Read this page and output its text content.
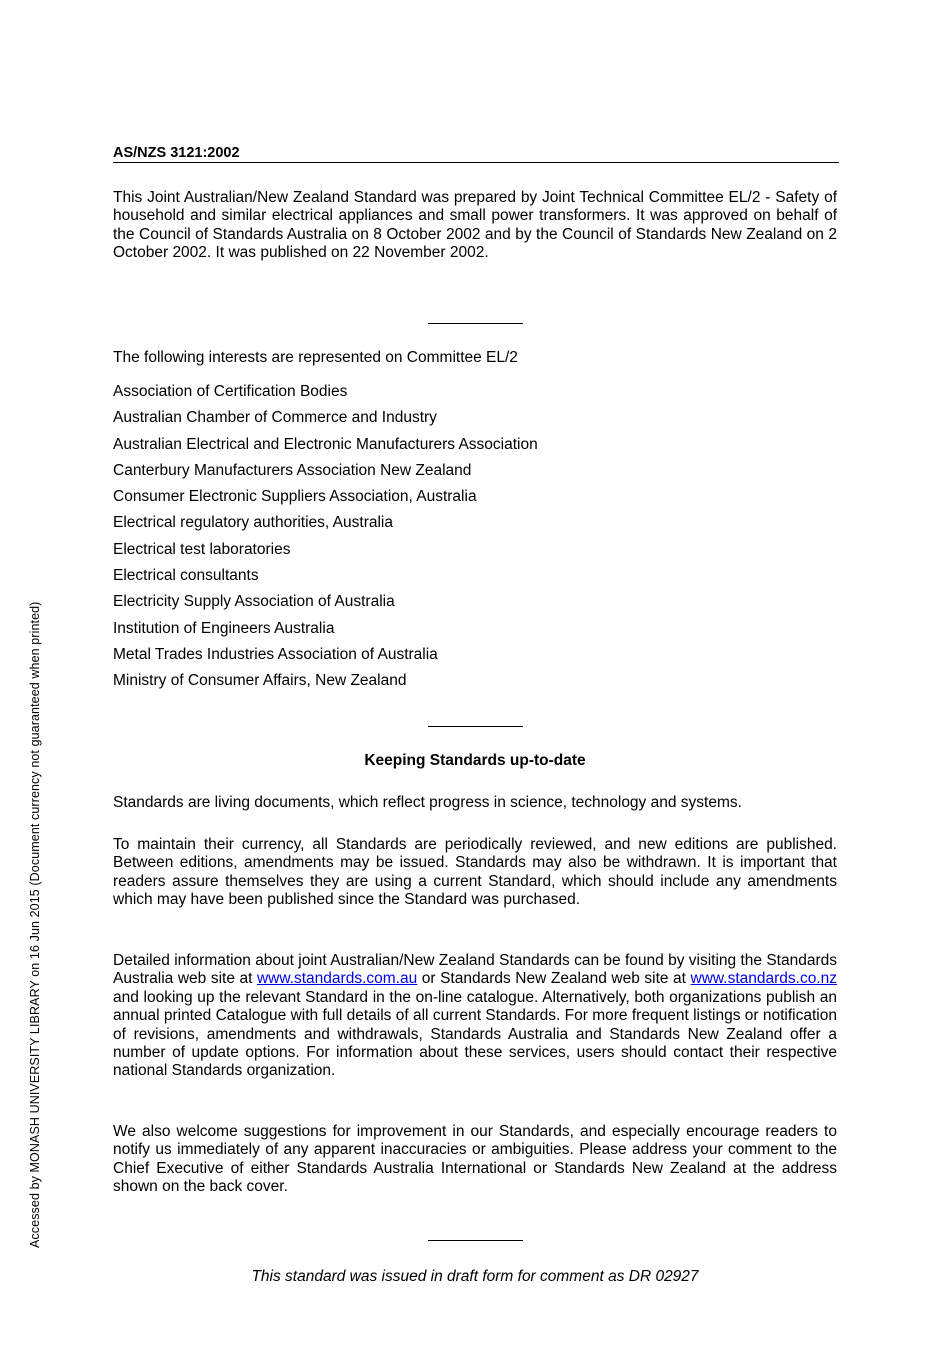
Accessed by MONASH UNIVERSITY LIBRARY on 16 Jun 2015 (Document currency not guaranteed when printed)
AS/NZS 3121:2002
This Joint Australian/New Zealand Standard was prepared by Joint Technical Committee EL/2 - Safety of household and similar electrical appliances and small power transformers. It was approved on behalf of the Council of Standards Australia on 8 October 2002 and by the Council of Standards New Zealand on 2 October 2002. It was published on 22 November 2002.
The following interests are represented on Committee EL/2
Association of Certification Bodies
Australian Chamber of Commerce and Industry
Australian Electrical and Electronic Manufacturers Association
Canterbury Manufacturers Association New Zealand
Consumer Electronic Suppliers Association, Australia
Electrical regulatory authorities, Australia
Electrical test laboratories
Electrical consultants
Electricity Supply Association of Australia
Institution of Engineers Australia
Metal Trades Industries Association of Australia
Ministry of Consumer Affairs, New Zealand
Keeping Standards up-to-date
Standards are living documents, which reflect progress in science, technology and systems.
To maintain their currency, all Standards are periodically reviewed, and new editions are published. Between editions, amendments may be issued. Standards may also be withdrawn. It is important that readers assure themselves they are using a current Standard, which should include any amendments which may have been published since the Standard was purchased.
Detailed information about joint Australian/New Zealand Standards can be found by visiting the Standards Australia web site at www.standards.com.au or Standards New Zealand web site at www.standards.co.nz and looking up the relevant Standard in the on-line catalogue. Alternatively, both organizations publish an annual printed Catalogue with full details of all current Standards. For more frequent listings or notification of revisions, amendments and withdrawals, Standards Australia and Standards New Zealand offer a number of update options. For information about these services, users should contact their respective national Standards organization.
We also welcome suggestions for improvement in our Standards, and especially encourage readers to notify us immediately of any apparent inaccuracies or ambiguities. Please address your comment to the Chief Executive of either Standards Australia International or Standards New Zealand at the address shown on the back cover.
This standard was issued in draft form for comment as DR 02927
